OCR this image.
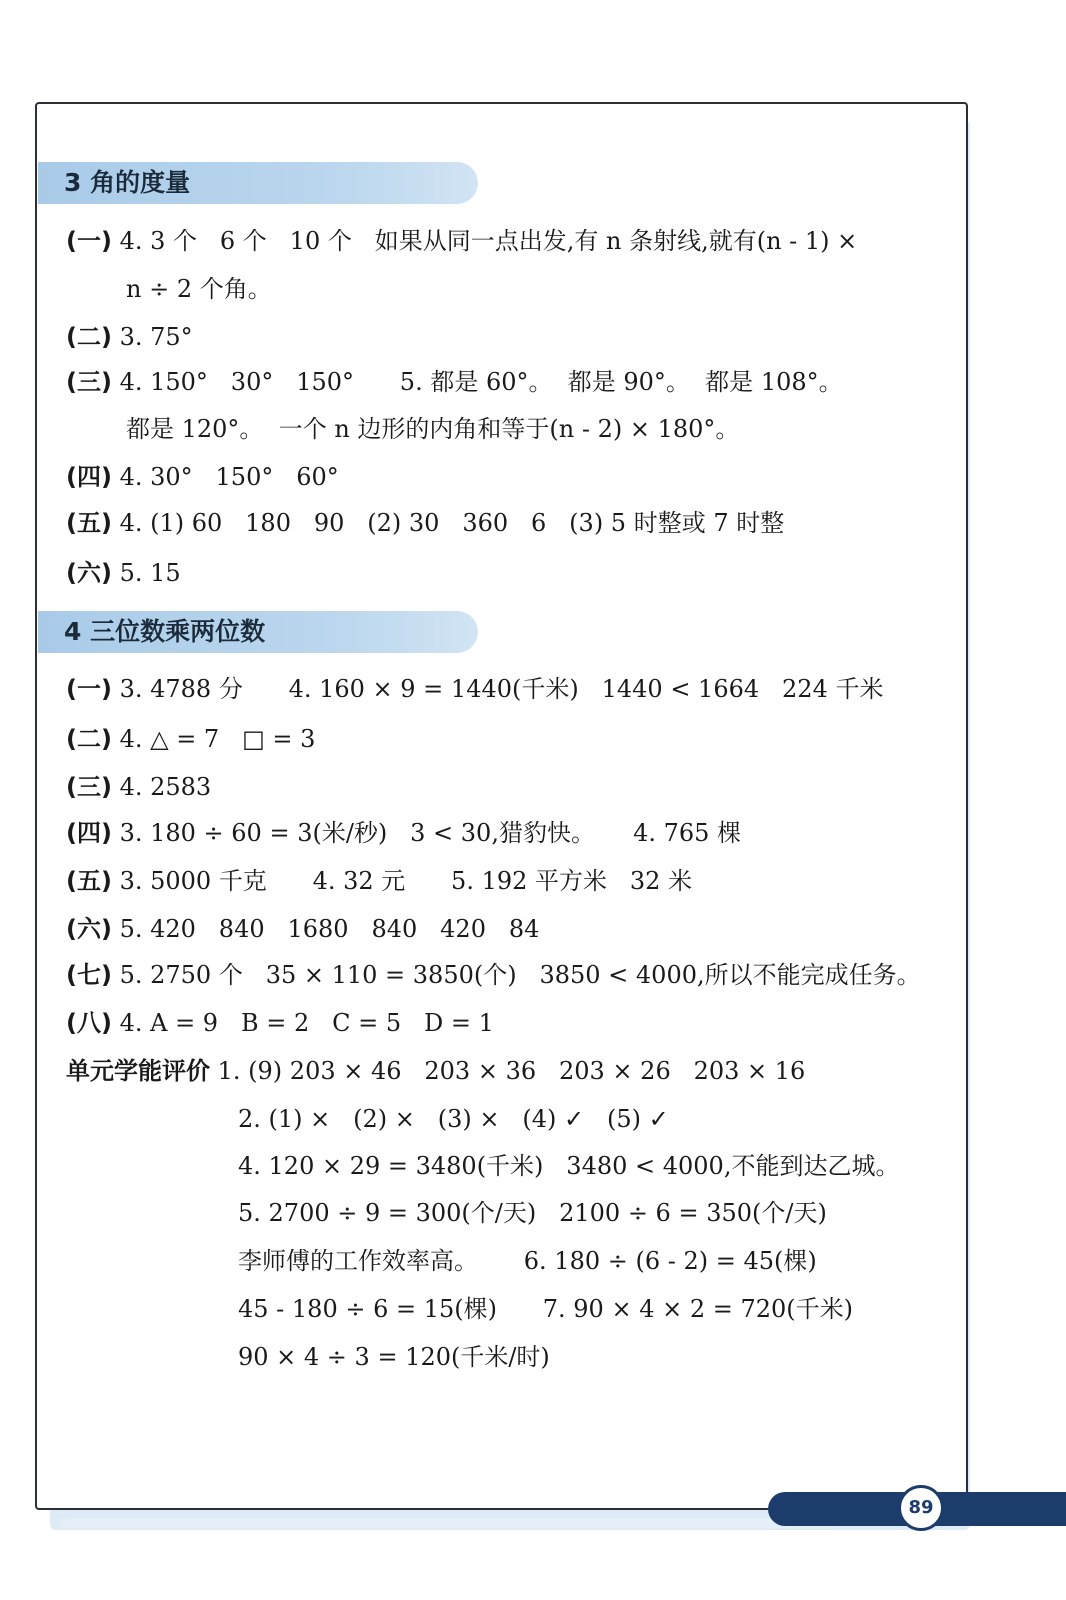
3 角的度量
(一) 4. 3 个   6 个   10 个   如果从同一点出发,有 n 条射线,就有(n - 1) ×
n ÷ 2 个角。
(二) 3. 75°
(三) 4. 150°   30°   150°      5. 都是 60°。  都是 90°。  都是 108°。
都是 120°。  一个 n 边形的内角和等于(n - 2) × 180°。
(四) 4. 30°   150°   60°
(五) 4. (1) 60   180   90   (2) 30   360   6   (3) 5 时整或 7 时整
(六) 5. 15
4 三位数乘两位数
(一) 3. 4788 分      4. 160 × 9 = 1440(千米)   1440 < 1664   224 千米
(二) 4. △ = 7   □ = 3
(三) 4. 2583
(四) 3. 180 ÷ 60 = 3(米/秒)   3 < 30,猎豹快。     4. 765 棵
(五) 3. 5000 千克      4. 32 元      5. 192 平方米   32 米
(六) 5. 420   840   1680   840   420   84
(七) 5. 2750 个   35 × 110 = 3850(个)   3850 < 4000,所以不能完成任务。
(八) 4. A = 9   B = 2   C = 5   D = 1
单元学能评价 1. (9) 203 × 46   203 × 36   203 × 26   203 × 16
2. (1) ×   (2) ×   (3) ×   (4) ✓   (5) ✓
4. 120 × 29 = 3480(千米)   3480 < 4000,不能到达乙城。
5. 2700 ÷ 9 = 300(个/天)   2100 ÷ 6 = 350(个/天)
李师傅的工作效率高。      6. 180 ÷ (6 - 2) = 45(棵)
45 - 180 ÷ 6 = 15(棵)      7. 90 × 4 × 2 = 720(千米)
90 × 4 ÷ 3 = 120(千米/时)
89
